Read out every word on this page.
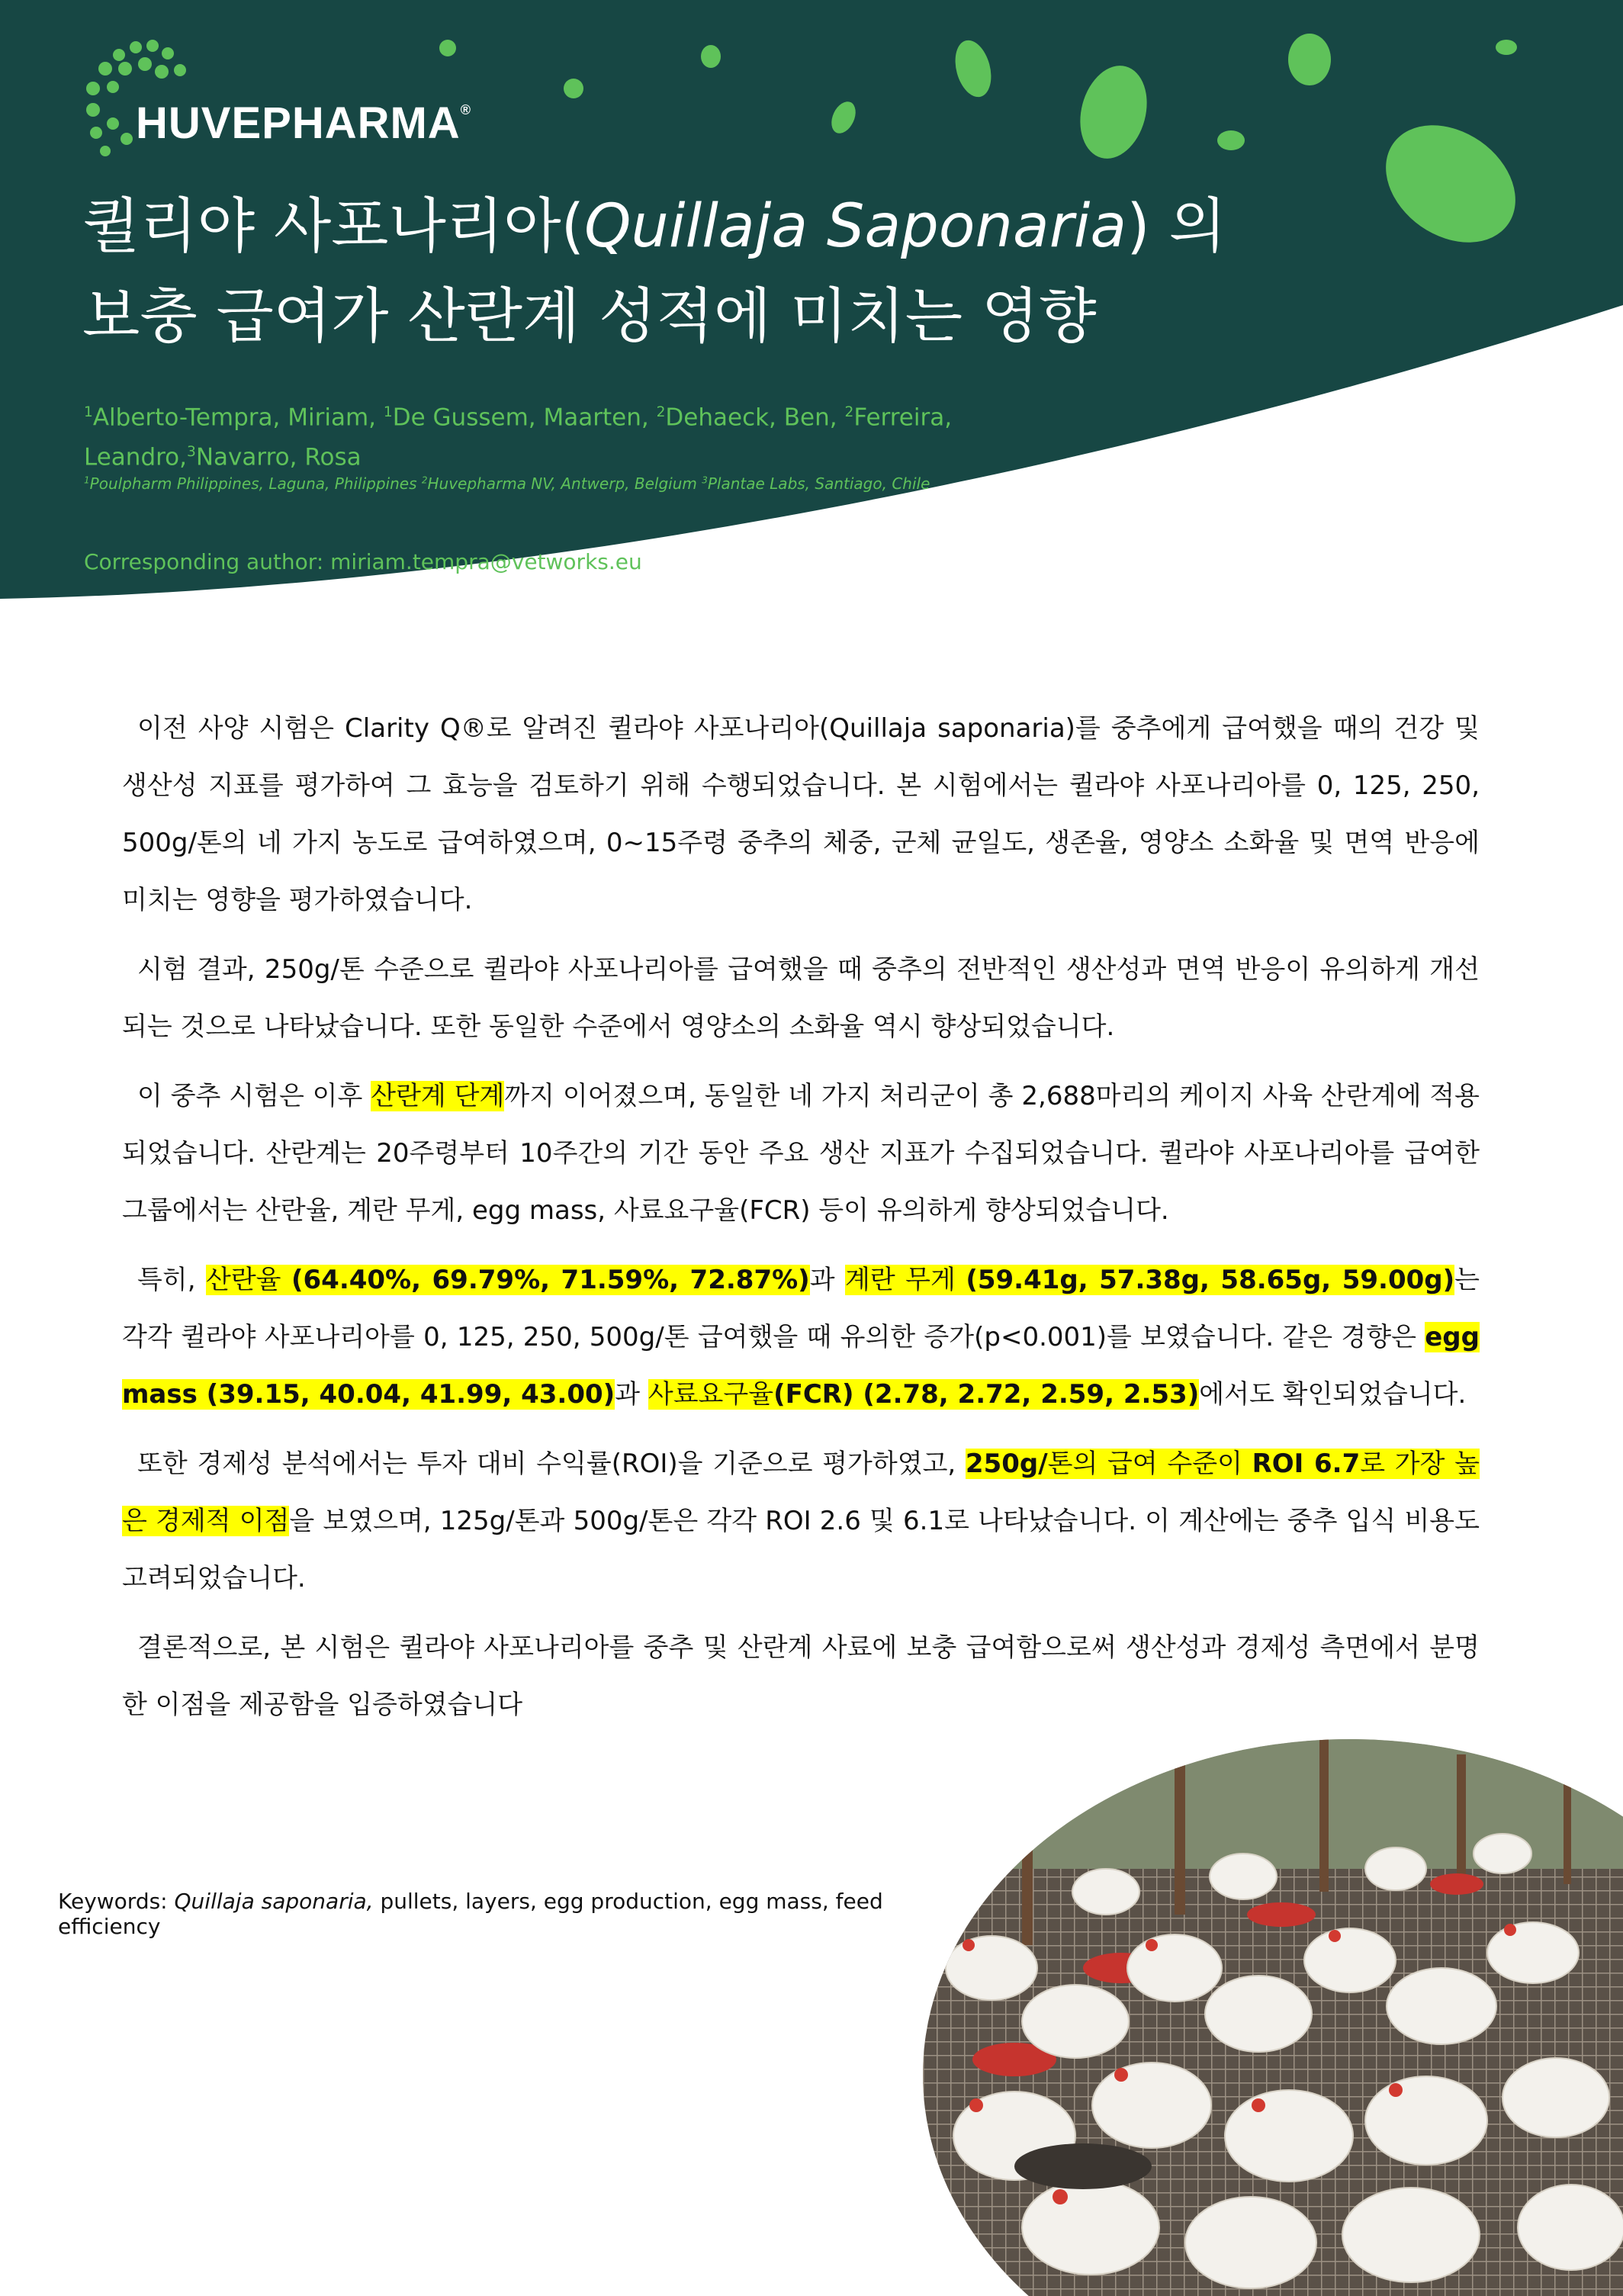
HUVEPHARMA®
퀼리야 사포나리아(Quillaja Saponaria) 의
보충 급여가 산란계 성적에 미치는 영향
$^1$Alberto-Tempra, Miriam, $^1$De Gussem, Maarten, $^2$Dehaeck, Ben, $^2$Ferreira, Leandro,$^3$Navarro, Rosa
$^1$Poulpharm Philippines, Laguna, Philippines $^2$Huvepharma NV, Antwerp, Belgium $^3$Plantae Labs, Santiago, Chile
Corresponding author: miriam.tempra@vetworks.eu

이전 사양 시험은 Clarity Q®로 알려진 퀼라야 사포나리아(Quillaja saponaria)를 중추에게 급여했을 때의 건강 및 생산성 지표를 평가하여 그 효능을 검토하기 위해 수행되었습니다. 본 시험에서는 퀼라야 사포나리아를 0, 125, 250, 500g/톤의 네 가지 농도로 급여하였으며, 0~15주령 중추의 체중, 군체 균일도, 생존율, 영양소 소화율 및 면역 반응에 미치는 영향을 평가하였습니다.

시험 결과, 250g/톤 수준으로 퀼라야 사포나리아를 급여했을 때 중추의 전반적인 생산성과 면역 반응이 유의하게 개선되는 것으로 나타났습니다. 또한 동일한 수준에서 영양소의 소화율 역시 향상되었습니다.

이 중추 시험은 이후 산란계 단계까지 이어졌으며, 동일한 네 가지 처리군이 총 2,688마리의 케이지 사육 산란계에 적용되었습니다. 산란계는 20주령부터 10주간의 기간 동안 주요 생산 지표가 수집되었습니다. 퀼라야 사포나리아를 급여한 그룹에서는 산란율, 계란 무게, egg mass, 사료요구율(FCR) 등이 유의하게 향상되었습니다.

특히, 산란율 (64.40%, 69.79%, 71.59%, 72.87%)과 계란 무게 (59.41g, 57.38g, 58.65g, 59.00g)는 각각 퀼라야 사포나리아를 0, 125, 250, 500g/톤 급여했을 때 유의한 증가(p<0.001)를 보였습니다. 같은 경향은 egg mass (39.15, 40.04, 41.99, 43.00)과 사료요구율(FCR) (2.78, 2.72, 2.59, 2.53)에서도 확인되었습니다.

또한 경제성 분석에서는 투자 대비 수익률(ROI)을 기준으로 평가하였고, 250g/톤의 급여 수준이 ROI 6.7로 가장 높은 경제적 이점을 보였으며, 125g/톤과 500g/톤은 각각 ROI 2.6 및 6.1로 나타났습니다. 이 계산에는 중추 입식 비용도 고려되었습니다.

결론적으로, 본 시험은 퀼라야 사포나리아를 중추 및 산란계 사료에 보충 급여함으로써 생산성과 경제성 측면에서 분명한 이점을 제공함을 입증하였습니다

Keywords: Quillaja saponaria, pullets, layers, egg production, egg mass, feed efficiency
